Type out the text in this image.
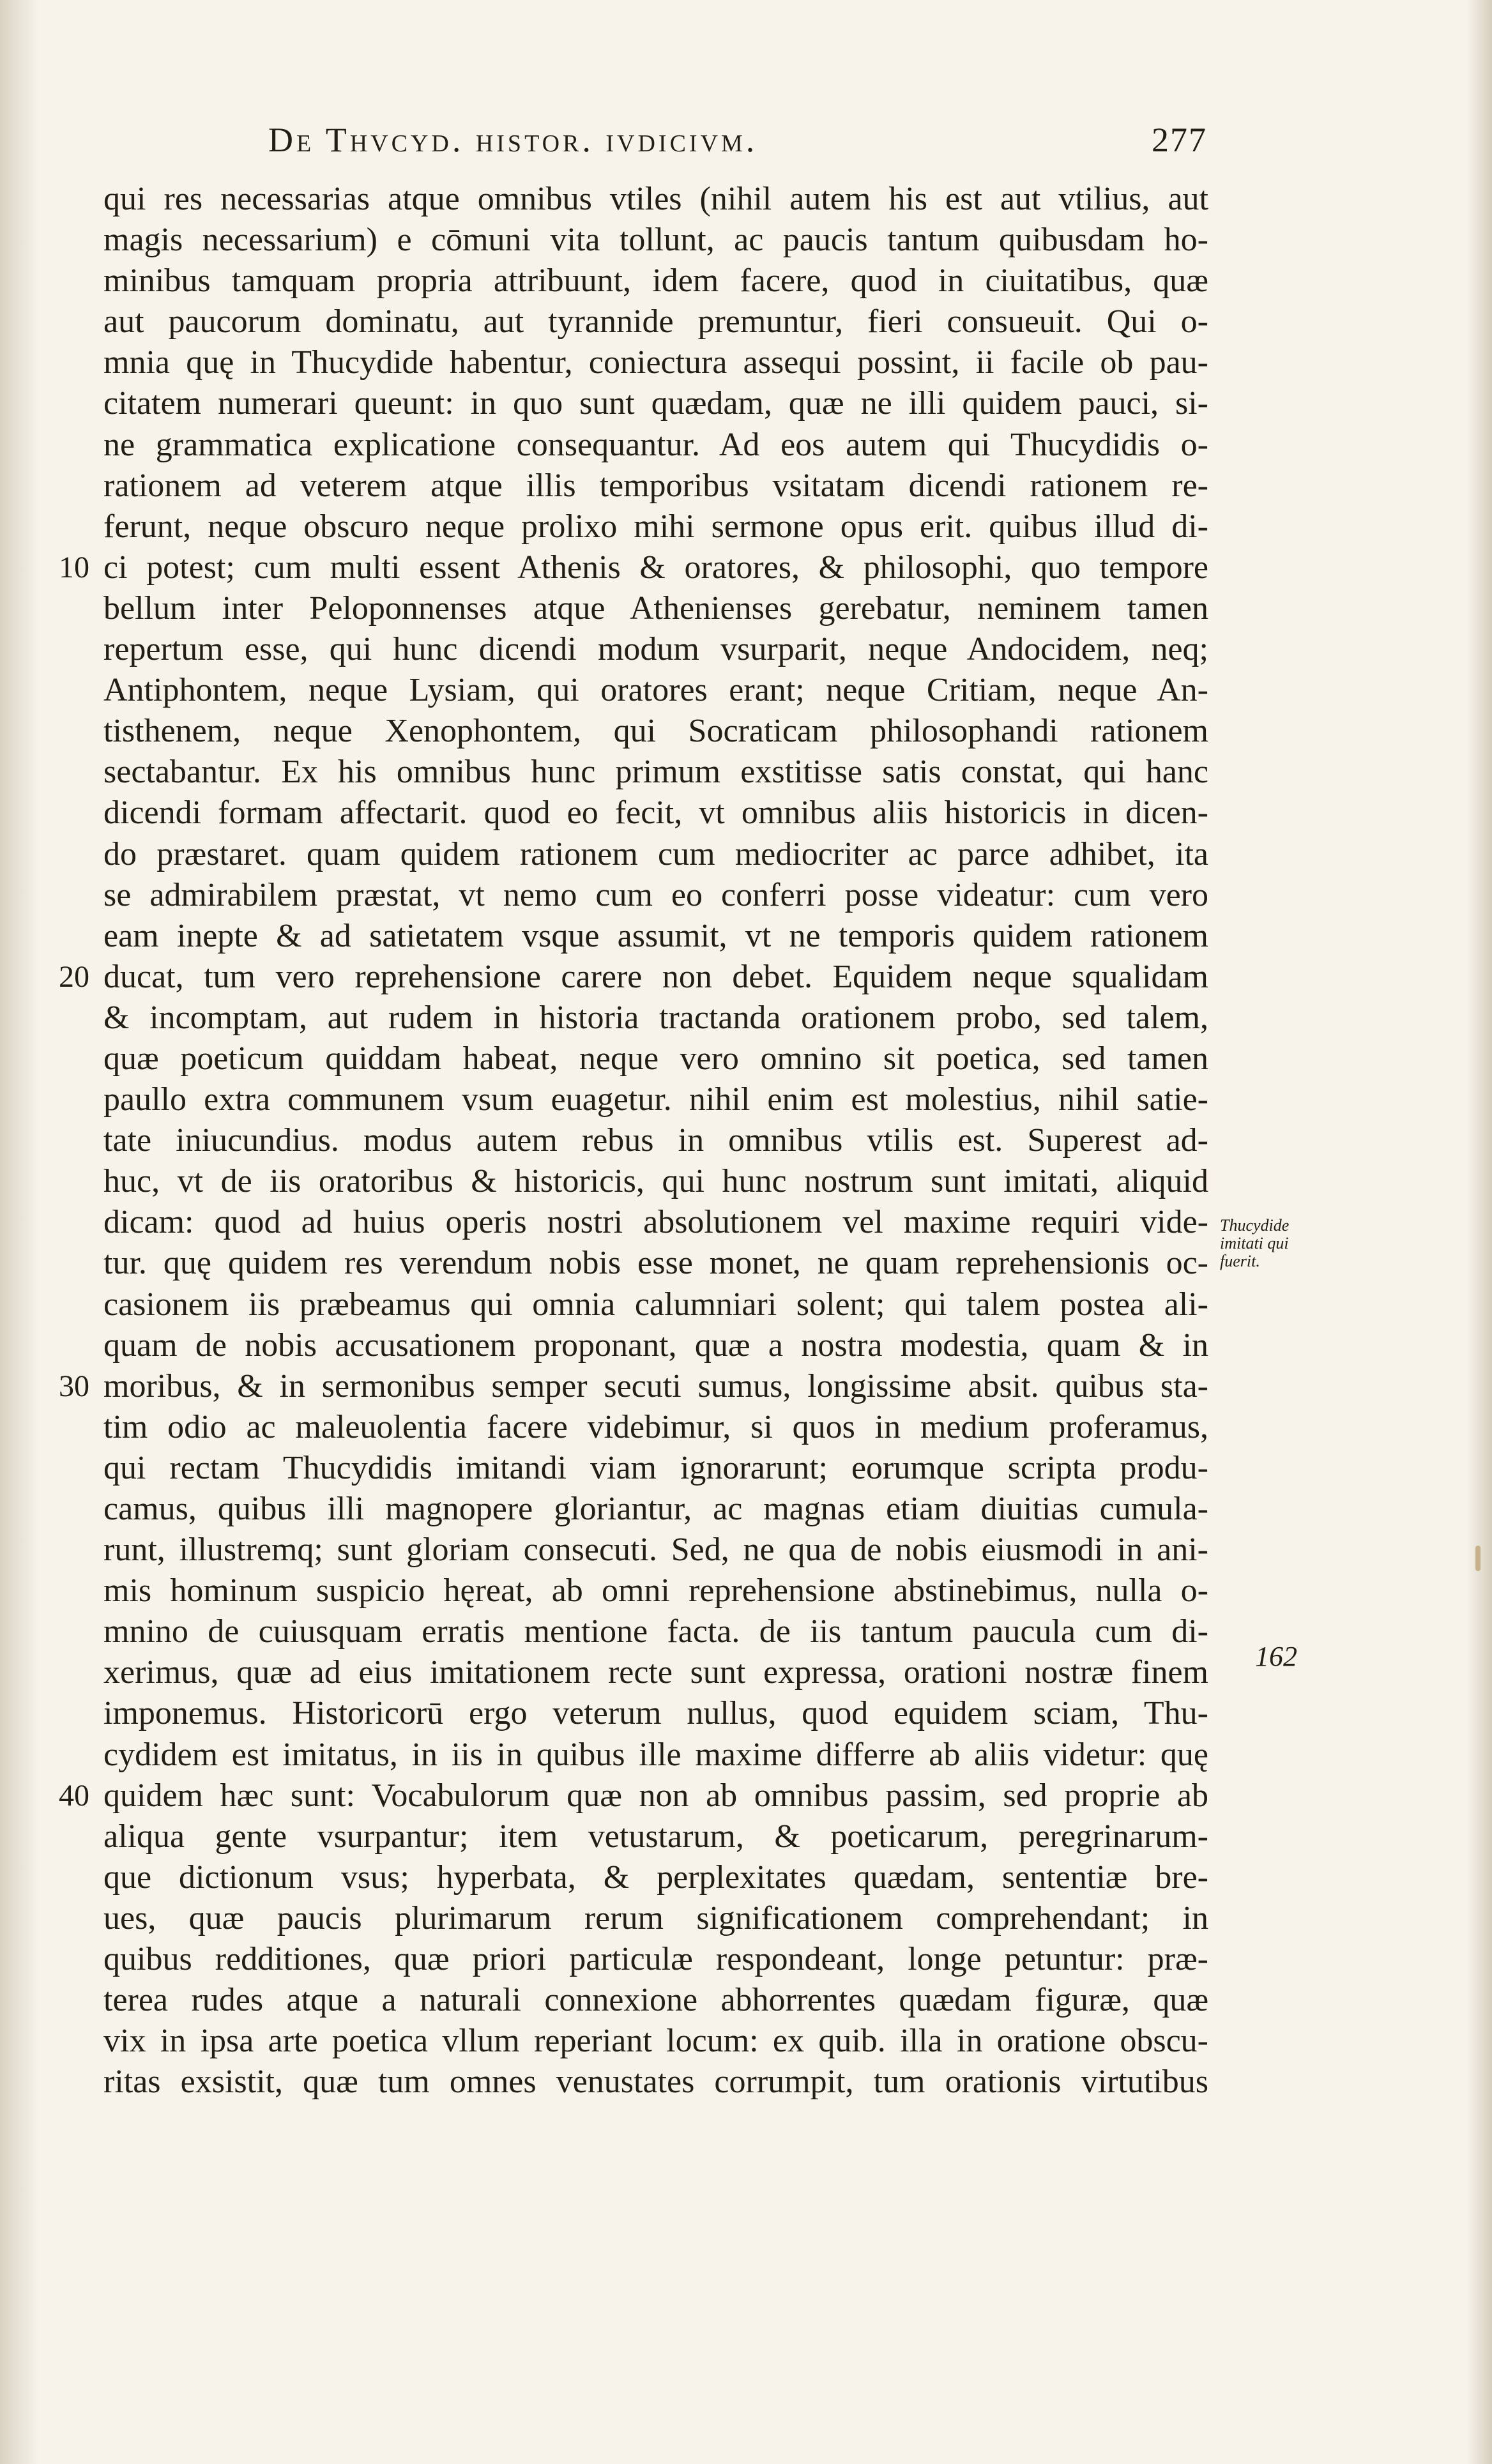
De Thvcyd. histor. ivdicivm.	277
qui res necessarias atque omnibus vtiles (nihil autem his est aut vtilius, aut
magis necessarium) e cōmuni vita tollunt, ac paucis tantum quibusdam ho-
minibus tamquam propria attribuunt, idem facere, quod in ciuitatibus, quæ
aut paucorum dominatu, aut tyrannide premuntur, fieri consueuit. Qui o-
mnia quę in Thucydide habentur, coniectura assequi possint, ii facile ob pau-
citatem numerari queunt: in quo sunt quædam, quæ ne illi quidem pauci, si-
ne grammatica explicatione consequantur. Ad eos autem qui Thucydidis o-
rationem ad veterem atque illis temporibus vsitatam dicendi rationem re-
ferunt, neque obscuro neque prolixo mihi sermone opus erit. quibus illud di-
10 ci potest; cum multi essent Athenis & oratores, & philosophi, quo tempore
bellum inter Peloponnenses atque Athenienses gerebatur, neminem tamen
repertum esse, qui hunc dicendi modum vsurparit, neque Andocidem, neq;
Antiphontem, neque Lysiam, qui oratores erant; neque Critiam, neque An-
tisthenem, neque Xenophontem, qui Socraticam philosophandi rationem
sectabantur. Ex his omnibus hunc primum exstitisse satis constat, qui hanc
dicendi formam affectarit. quod eo fecit, vt omnibus aliis historicis in dicen-
do præstaret. quam quidem rationem cum mediocriter ac parce adhibet, ita
se admirabilem præstat, vt nemo cum eo conferri posse videatur: cum vero
eam inepte & ad satietatem vsque assumit, vt ne temporis quidem rationem
20 ducat, tum vero reprehensione carere non debet. Equidem neque squalidam
& incomptam, aut rudem in historia tractanda orationem probo, sed talem,
quæ poeticum quiddam habeat, neque vero omnino sit poetica, sed tamen
paullo extra communem vsum euagetur. nihil enim est molestius, nihil satie-
tate iniucundius. modus autem rebus in omnibus vtilis est. Superest ad-
huc, vt de iis oratoribus & historicis, qui hunc nostrum sunt imitati, aliquid
dicam: quod ad huius operis nostri absolutionem vel maxime requiri vide-
tur. quę quidem res verendum nobis esse monet, ne quam reprehensionis oc-
casionem iis præbeamus qui omnia calumniari solent; qui talem postea ali-
quam de nobis accusationem proponant, quæ a nostra modestia, quam & in
30 moribus, & in sermonibus semper secuti sumus, longissime absit. quibus sta-
tim odio ac maleuolentia facere videbimur, si quos in medium proferamus,
qui rectam Thucydidis imitandi viam ignorarunt; eorumque scripta produ-
camus, quibus illi magnopere gloriantur, ac magnas etiam diuitias cumula-
runt, illustremq; sunt gloriam consecuti. Sed, ne qua de nobis eiusmodi in ani-
mis hominum suspicio hęreat, ab omni reprehensione abstinebimus, nulla o-
mnino de cuiusquam erratis mentione facta. de iis tantum paucula cum di-
xerimus, quæ ad eius imitationem recte sunt expressa, orationi nostræ finem
imponemus. Historicorū ergo veterum nullus, quod equidem sciam, Thu-
cydidem est imitatus, in iis in quibus ille maxime differre ab aliis videtur: quę
40 quidem hæc sunt: Vocabulorum quæ non ab omnibus passim, sed proprie ab
aliqua gente vsurpantur; item vetustarum, & poeticarum, peregrinarum-
que dictionum vsus; hyperbata, & perplexitates quædam, sententiæ bre-
ues, quæ paucis plurimarum rerum significationem comprehendant; in
quibus redditiones, quæ priori particulæ respondeant, longe petuntur: præ-
terea rudes atque a naturali connexione abhorrentes quædam figuræ, quæ
vix in ipsa arte poetica vllum reperiant locum: ex quib. illa in oratione obscu-
ritas exsistit, quæ tum omnes venustates corrumpit, tum orationis virtutibus
Thucydide
imitati qui
fuerit.
162
